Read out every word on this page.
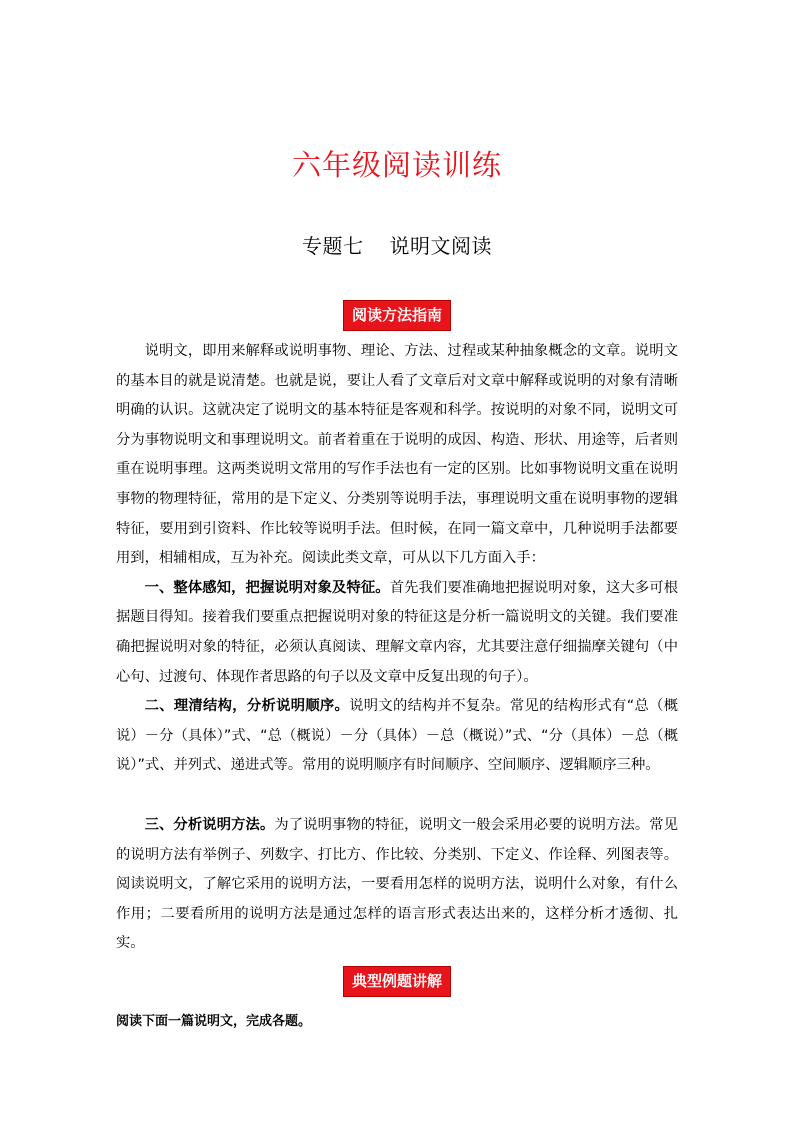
六年级阅读训练
专题七 说明文阅读
阅读方法指南

说明文，即用来解释或说明事物、理论、方法、过程或某种抽象概念的文章。说明文的基本目的就是说清楚。也就是说，要让人看了文章后对文章中解释或说明的对象有清晰明确的认识。这就决定了说明文的基本特征是客观和科学。按说明的对象不同，说明文可分为事物说明文和事理说明文。前者着重在于说明的成因、构造、形状、用途等，后者则重在说明事理。这两类说明文常用的写作手法也有一定的区别。比如事物说明文重在说明事物的物理特征，常用的是下定义、分类别等说明手法，事理说明文重在说明事物的逻辑特征，要用到引资料、作比较等说明手法。但时候，在同一篇文章中，几种说明手法都要用到，相辅相成，互为补充。阅读此类文章，可从以下几方面入手：

一、整体感知，把握说明对象及特征。首先我们要准确地把握说明对象，这大多可根据题目得知。接着我们要重点把握说明对象的特征这是分析一篇说明文的关键。我们要准确把握说明对象的特征，必须认真阅读、理解文章内容，尤其要注意仔细揣摩关键句（中心句、过渡句、体现作者思路的句子以及文章中反复出现的句子）。

二、理清结构，分析说明顺序。说明文的结构并不复杂。常见的结构形式有“总（概说）－分（具体）”式、“总（概说）－分（具体）－总（概说）”式、“分（具体）－总（概说）”式、并列式、递进式等。常用的说明顺序有时间顺序、空间顺序、逻辑顺序三种。

三、分析说明方法。为了说明事物的特征，说明文一般会采用必要的说明方法。常见的说明方法有举例子、列数字、打比方、作比较、分类别、下定义、作诠释、列图表等。阅读说明文，了解它采用的说明方法，一要看用怎样的说明方法，说明什么对象，有什么作用；二要看所用的说明方法是通过怎样的语言形式表达出来的，这样分析才透彻、扎实。

典型例题讲解
阅读下面一篇说明文，完成各题。
